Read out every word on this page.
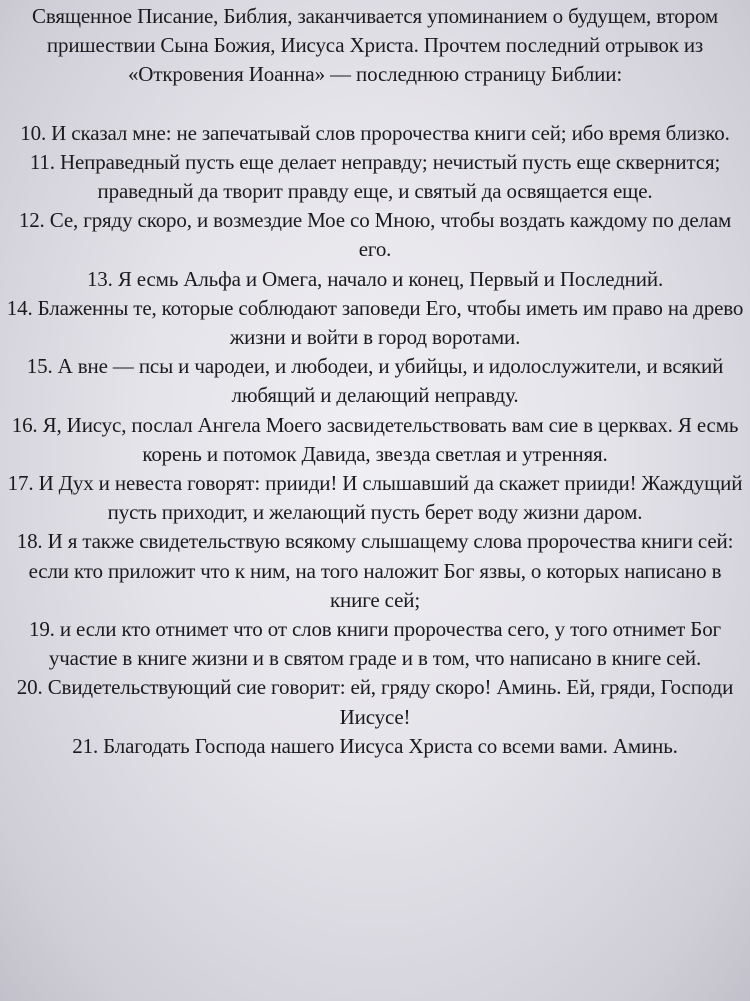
Священное Писание, Библия, заканчивается упоминанием о будущем, втором пришествии Сына Божия, Иисуса Христа. Прочтем последний отрывок из «Откровения Иоанна» — последнюю страницу Библии:

10. И сказал мне: не запечатывай слов пророчества книги сей; ибо время близко.

11. Неправедный пусть еще делает неправду; нечистый пусть еще сквернится; праведный да творит правду еще, и святый да освящается еще.

12. Се, гряду скоро, и возмездие Мое со Мною, чтобы воздать каждому по делам его.

13. Я есмь Альфа и Омега, начало и конец, Первый и Последний.

14. Блаженны те, которые соблюдают заповеди Его, чтобы иметь им право на древо жизни и войти в город воротами.

15. А вне — псы и чародеи, и любодеи, и убийцы, и идолослужители, и всякий любящий и делающий неправду.

16. Я, Иисус, послал Ангела Моего засвидетельствовать вам сие в церквах. Я есмь корень и потомок Давида, звезда светлая и утренняя.

17. И Дух и невеста говорят: прииди! И слышавший да скажет прииди! Жаждущий пусть приходит, и желающий пусть берет воду жизни даром.

18. И я также свидетельствую всякому слышащему слова пророчества книги сей: если кто приложит что к ним, на того наложит Бог язвы, о которых написано в книге сей;

19. и если кто отнимет что от слов книги пророчества сего, у того отнимет Бог участие в книге жизни и в святом граде и в том, что написано в книге сей.

20. Свидетельствующий сие говорит: ей, гряду скоро! Аминь. Ей, гряди, Господи Иисусе!

21. Благодать Господа нашего Иисуса Христа со всеми вами. Аминь.
